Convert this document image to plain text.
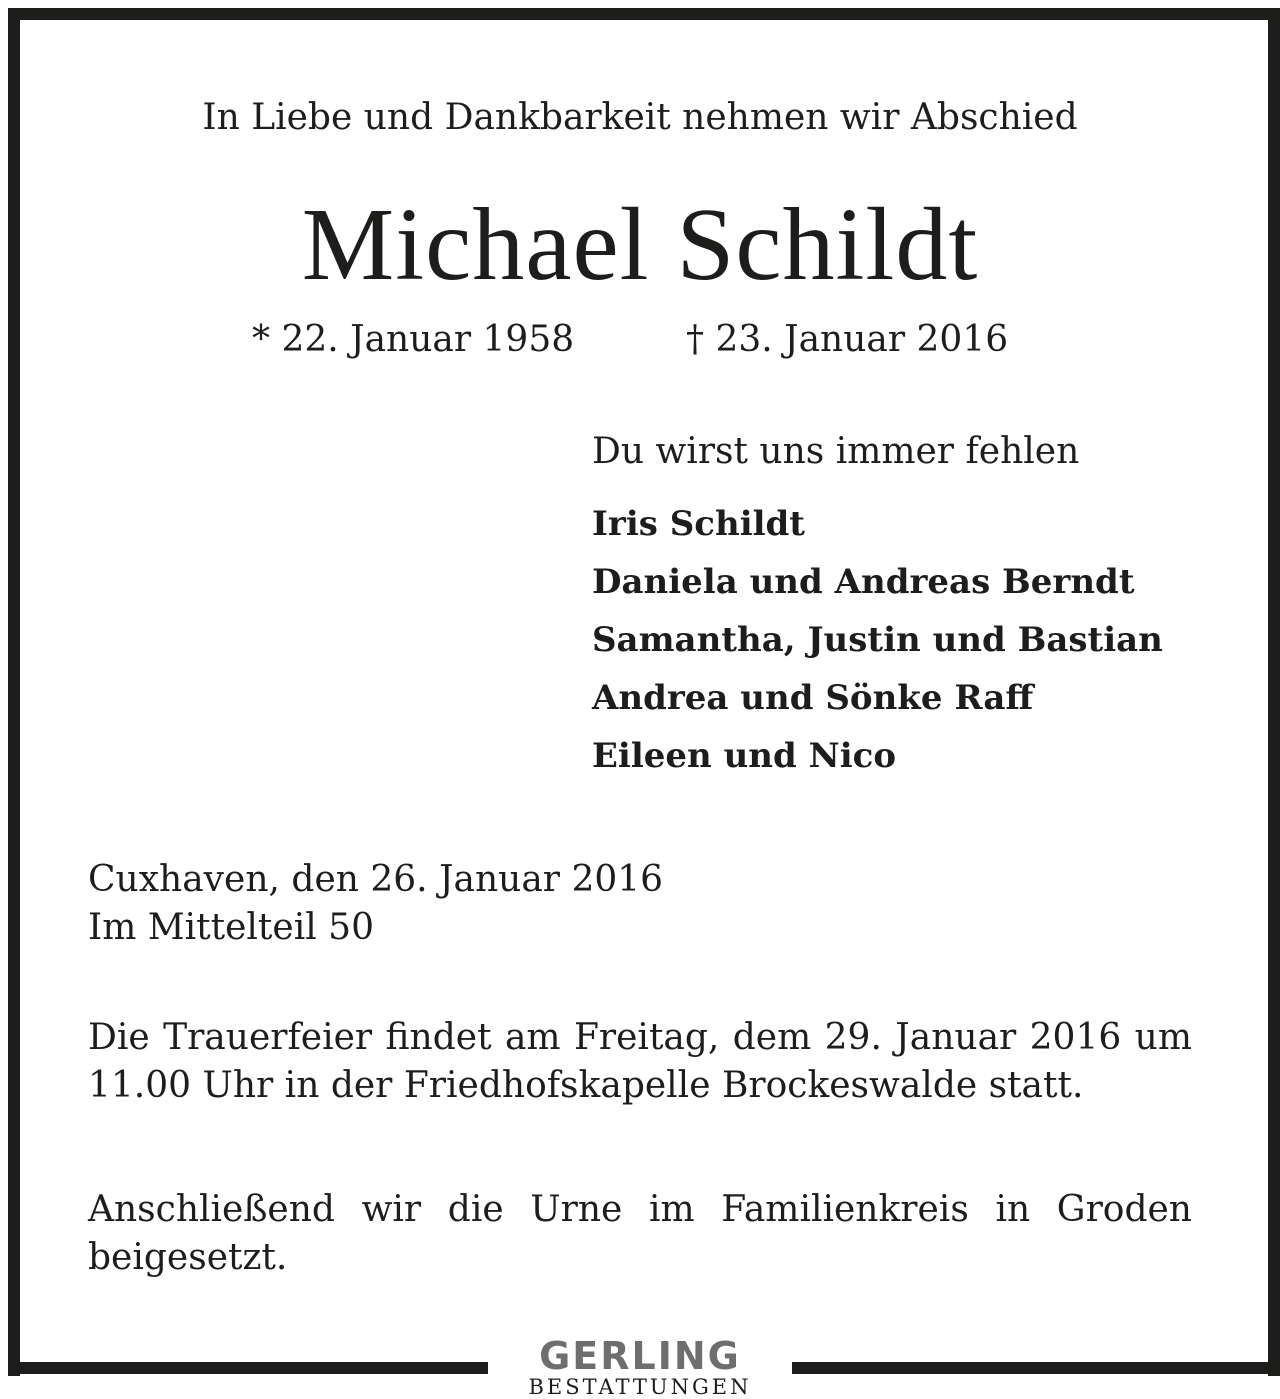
In Liebe und Dankbarkeit nehmen wir Abschied
Michael Schildt
* 22. Januar 1958	† 23. Januar 2016
Du wirst uns immer fehlen
Iris Schildt
Daniela und Andreas Berndt
Samantha, Justin und Bastian
Andrea und Sönke Raff
Eileen und Nico
Cuxhaven, den 26. Januar 2016
Im Mittelteil 50

Die Trauerfeier findet am Freitag, dem 29. Januar 2016 um 11.00 Uhr in der Friedhofskapelle Brockeswalde statt.

Anschließend wir die Urne im Familienkreis in Groden beigesetzt.

GERLING
BESTATTUNGEN
